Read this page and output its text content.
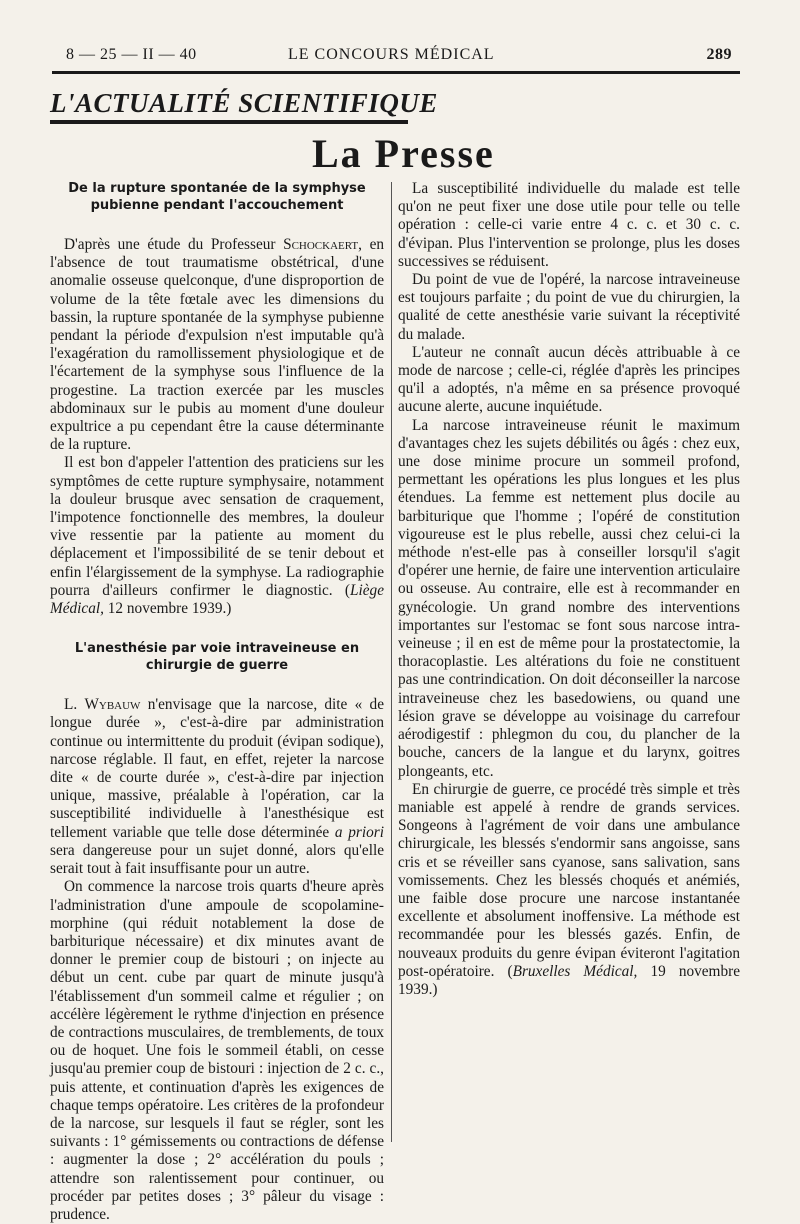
8 — 25 — II — 40	LE CONCOURS MÉDICAL	289
L'ACTUALITÉ SCIENTIFIQUE
La Presse
De la rupture spontanée de la symphyse pubienne pendant l'accouchement

D'après une étude du Professeur Schockaert, en l'absence de tout traumatisme obstétrical, d'une anomalie osseuse quelconque, d'une disproportion de volume de la tête fœtale avec les dimensions du bassin, la rupture spontanée de la symphyse pubienne pendant la période d'expulsion n'est imputable qu'à l'exagération du ramollissement physiologique et de l'écartement de la symphyse sous l'influence de la progestine. La traction exercée par les muscles abdominaux sur le pubis au moment d'une douleur expultrice a pu cependant être la cause déterminante de la rupture.

Il est bon d'appeler l'attention des praticiens sur les symptômes de cette rupture symphysaire, notamment la douleur brusque avec sensation de craquement, l'impotence fonctionnelle des membres, la douleur vive ressentie par la patiente au moment du déplacement et l'impossibilité de se tenir debout et enfin l'élargissement de la symphyse. La radiographie pourra d'ailleurs confirmer le diagnostic. (Liège Médical, 12 novembre 1939.)

L'anesthésie par voie intraveineuse en chirurgie de guerre

L. Wybauw n'envisage que la narcose, dite « de longue durée », c'est-à-dire par administration continue ou intermittente du produit (évipan sodique), narcose réglable. Il faut, en effet, rejeter la narcose dite « de courte durée », c'est-à-dire par injection unique, massive, préalable à l'opération, car la susceptibilité individuelle à l'anesthésique est tellement variable que telle dose déterminée a priori sera dangereuse pour un sujet donné, alors qu'elle serait tout à fait insuffisante pour un autre.

On commence la narcose trois quarts d'heure après l'administration d'une ampoule de scopolamine-morphine (qui réduit notablement la dose de barbiturique nécessaire) et dix minutes avant de donner le premier coup de bistouri ; on injecte au début un cent. cube par quart de minute jusqu'à l'établissement d'un sommeil calme et régulier ; on accélère légèrement le rythme d'injection en présence de contractions musculaires, de tremblements, de toux ou de hoquet. Une fois le sommeil établi, on cesse jusqu'au premier coup de bistouri : injection de 2 c. c., puis attente, et continuation d'après les exigences de chaque temps opératoire. Les critères de la profondeur de la narcose, sur lesquels il faut se régler, sont les suivants : 1° gémissements ou contractions de défense : augmenter la dose ; 2° accélération du pouls ; attendre son ralentissement pour continuer, ou procéder par petites doses ; 3° pâleur du visage : prudence.

La susceptibilité individuelle du malade est telle qu'on ne peut fixer une dose utile pour telle ou telle opération : celle-ci varie entre 4 c. c. et 30 c. c. d'évipan. Plus l'intervention se prolonge, plus les doses successives se réduisent.

Du point de vue de l'opéré, la narcose intraveineuse est toujours parfaite ; du point de vue du chirurgien, la qualité de cette anesthésie varie suivant la réceptivité du malade.

L'auteur ne connaît aucun décès attribuable à ce mode de narcose ; celle-ci, réglée d'après les principes qu'il a adoptés, n'a même en sa présence provoqué aucune alerte, aucune inquiétude.

La narcose intraveineuse réunit le maximum d'avantages chez les sujets débilités ou âgés : chez eux, une dose minime procure un sommeil profond, permettant les opérations les plus longues et les plus étendues. La femme est nettement plus docile au barbiturique que l'homme ; l'opéré de constitution vigoureuse est le plus rebelle, aussi chez celui-ci la méthode n'est-elle pas à conseiller lorsqu'il s'agit d'opérer une hernie, de faire une intervention articulaire ou osseuse. Au contraire, elle est à recommander en gynécologie. Un grand nombre des interventions importantes sur l'estomac se font sous narcose intra-veineuse ; il en est de même pour la prostatectomie, la thoracoplastie. Les altérations du foie ne constituent pas une contrindication. On doit déconseiller la narcose intraveineuse chez les basedowiens, ou quand une lésion grave se développe au voisinage du carrefour aérodigestif : phlegmon du cou, du plancher de la bouche, cancers de la langue et du larynx, goitres plongeants, etc.

En chirurgie de guerre, ce procédé très simple et très maniable est appelé à rendre de grands services. Songeons à l'agrément de voir dans une ambulance chirurgicale, les blessés s'endormir sans angoisse, sans cris et se réveiller sans cyanose, sans salivation, sans vomissements. Chez les blessés choqués et anémiés, une faible dose procure une narcose instantanée excellente et absolument inoffensive. La méthode est recommandée pour les blessés gazés. Enfin, de nouveaux produits du genre évipan éviteront l'agitation post-opératoire. (Bruxelles Médical, 19 novembre 1939.)
